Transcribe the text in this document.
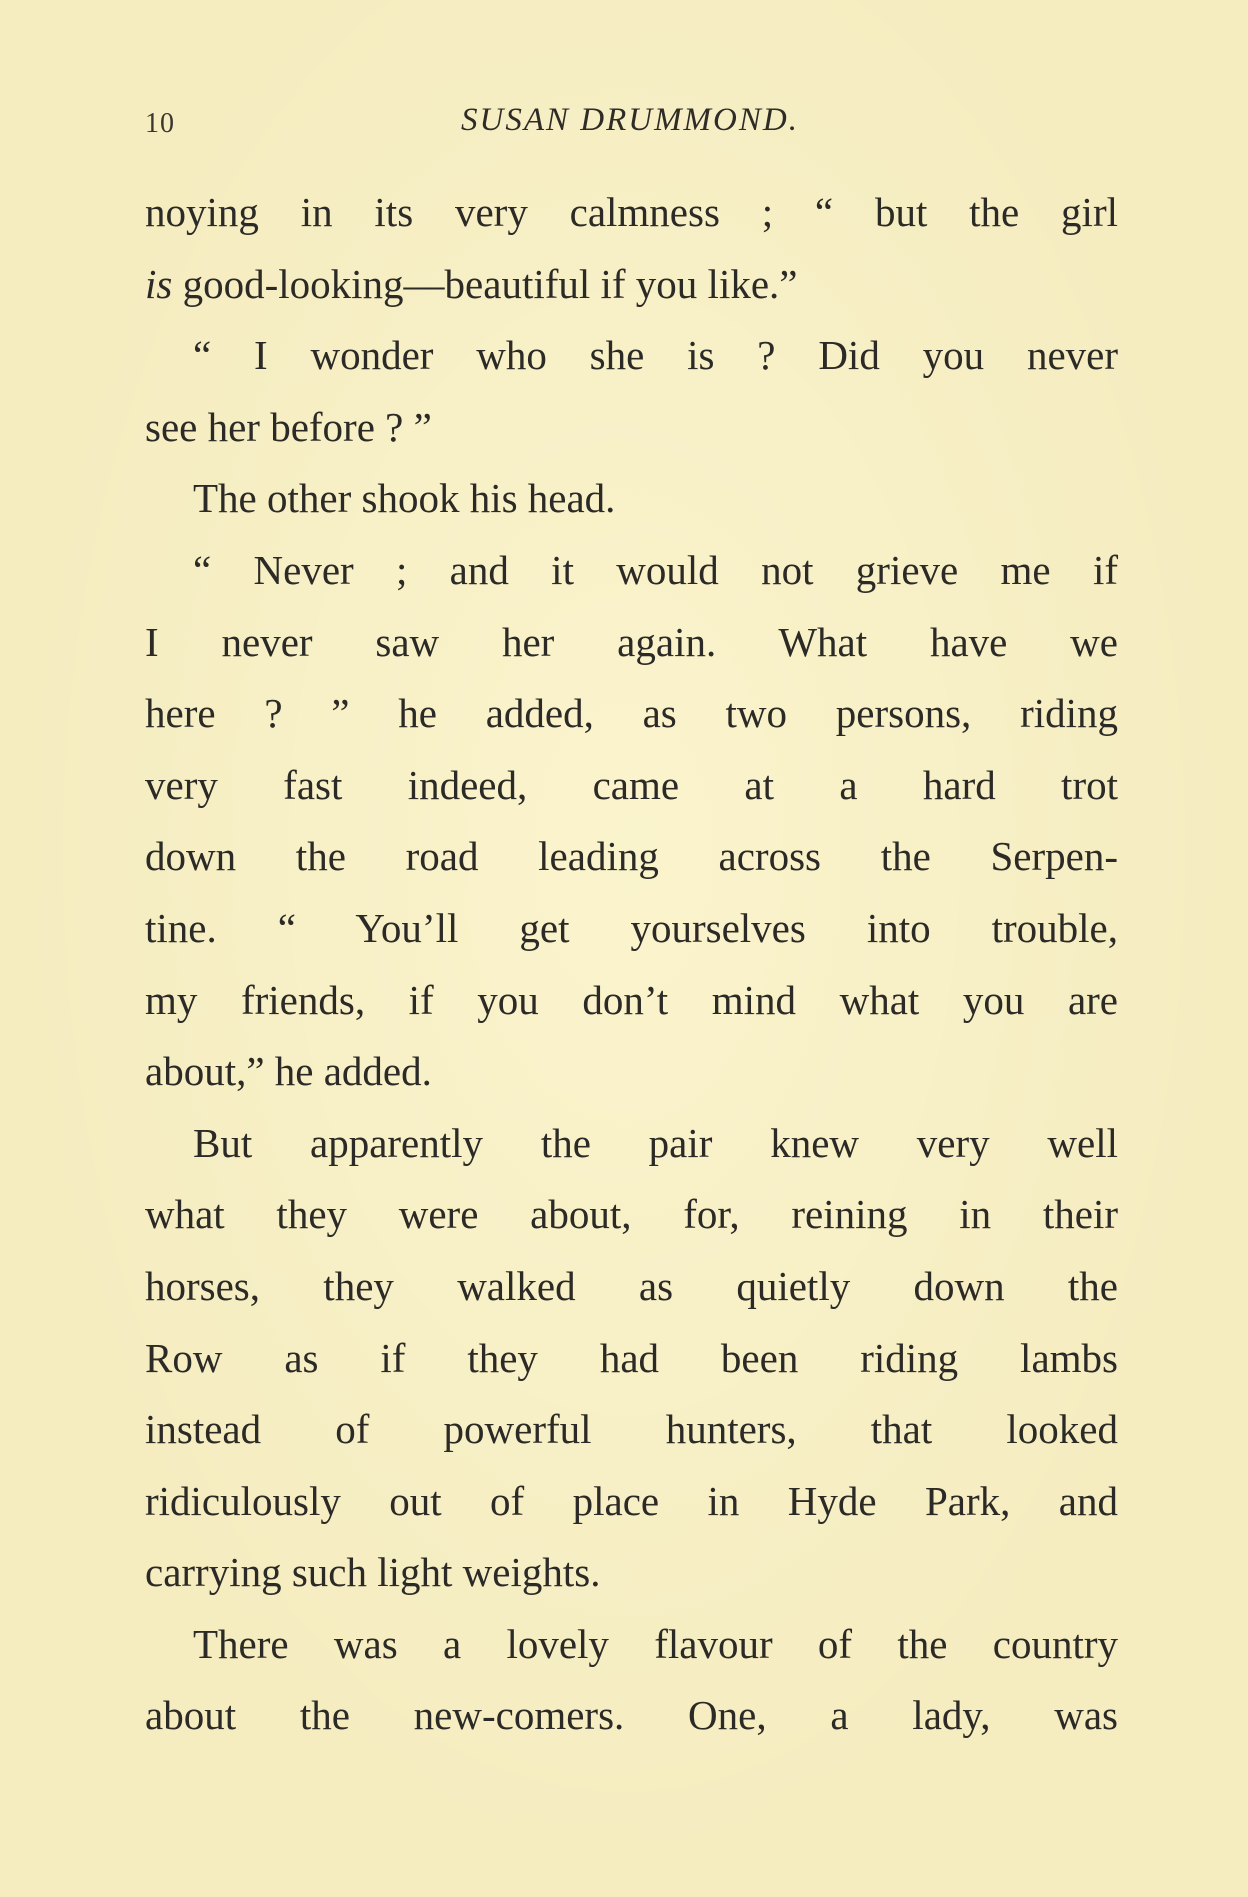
10	SUSAN DRUMMOND.
noying in its very calmness ; “ but the girl
is good-looking—beautiful if you like.”
“ I wonder who she is ? Did you never
see her before ? ”
The other shook his head.
“ Never ; and it would not grieve me if
I never saw her again. What have we
here ? ” he added, as two persons, riding
very fast indeed, came at a hard trot
down the road leading across the Serpen-
tine. “ You’ll get yourselves into trouble,
my friends, if you don’t mind what you are
about,” he added.
But apparently the pair knew very well
what they were about, for, reining in their
horses, they walked as quietly down the
Row as if they had been riding lambs
instead of powerful hunters, that looked
ridiculously out of place in Hyde Park, and
carrying such light weights.
There was a lovely flavour of the country
about the new-comers. One, a lady, was
